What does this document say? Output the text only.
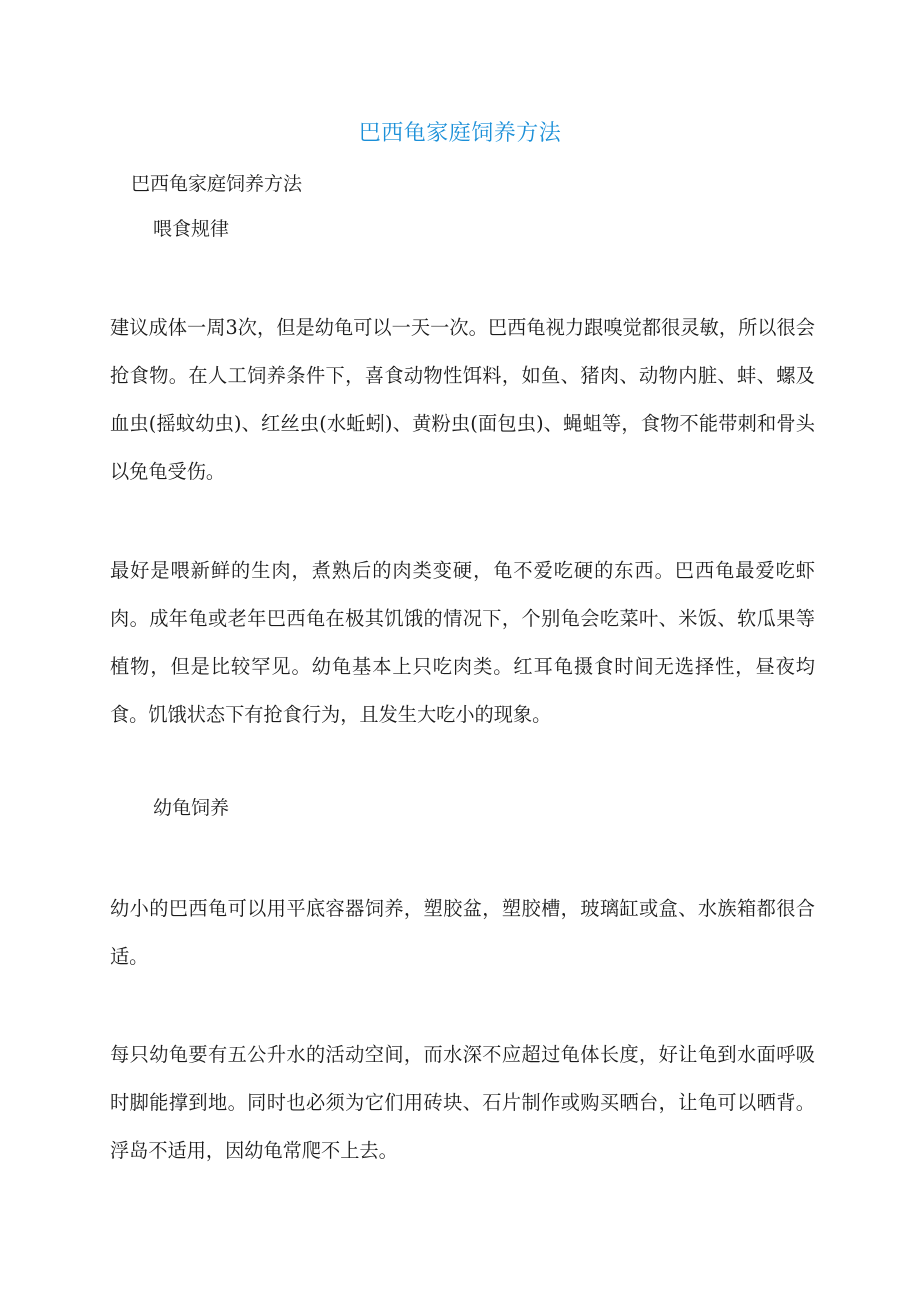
巴西龟家庭饲养方法
巴西龟家庭饲养方法
喂食规律
建议成体一周3次，但是幼龟可以一天一次。巴西龟视力跟嗅觉都很灵敏，所以很会抢食物。在人工饲养条件下，喜食动物性饵料，如鱼、猪肉、动物内脏、蚌、螺及血虫(摇蚊幼虫)、红丝虫(水蚯蚓)、黄粉虫(面包虫)、蝇蛆等，食物不能带刺和骨头以免龟受伤。
最好是喂新鲜的生肉，煮熟后的肉类变硬，龟不爱吃硬的东西。巴西龟最爱吃虾肉。成年龟或老年巴西龟在极其饥饿的情况下，个别龟会吃菜叶、米饭、软瓜果等植物，但是比较罕见。幼龟基本上只吃肉类。红耳龟摄食时间无选择性，昼夜均食。饥饿状态下有抢食行为，且发生大吃小的现象。
幼龟饲养
幼小的巴西龟可以用平底容器饲养，塑胶盆，塑胶槽，玻璃缸或盒、水族箱都很合适。
每只幼龟要有五公升水的活动空间，而水深不应超过龟体长度，好让龟到水面呼吸时脚能撑到地。同时也必须为它们用砖块、石片制作或购买晒台，让龟可以晒背。浮岛不适用，因幼龟常爬不上去。
